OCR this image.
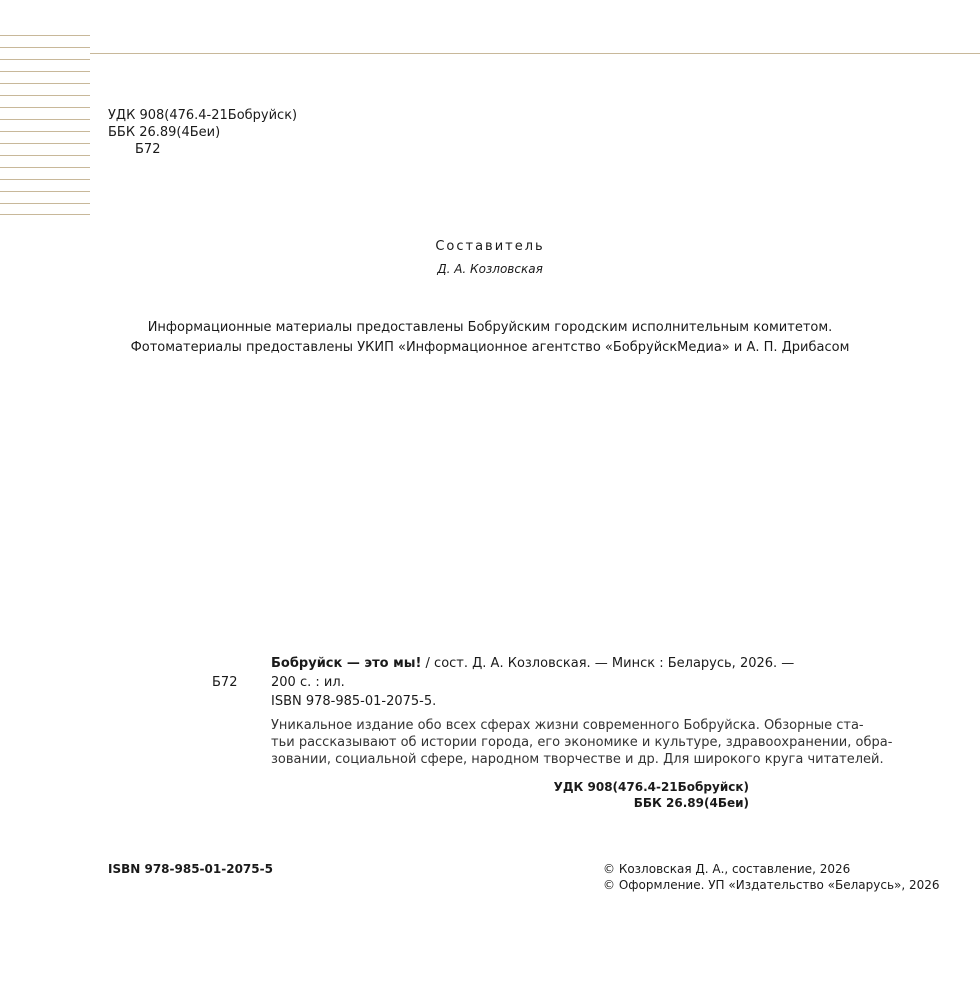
УДК 908(476.4-21Бобруйск)
ББК 26.89(4Беи)
Б72
Составитель
Д. А. Козловская
Информационные материалы предоставлены Бобруйским городским исполнительным комитетом.
Фотоматериалы предоставлены УКИП «Информационное агентство «БобруйскМедиа» и А. П. Дрибасом
Бобруйск — это мы! / сост. Д. А. Козловская. — Минск : Беларусь, 2026. —
Б72	200 с. : ил.
ISBN 978-985-01-2075-5.
Уникальное издание обо всех сферах жизни современного Бобруйска. Обзорные ста-
тьи рассказывают об истории города, его экономике и культуре, здравоохранении, обра-
зовании, социальной сфере, народном творчестве и др. Для широкого круга читателей.
УДК 908(476.4-21Бобруйск)
ББК 26.89(4Беи)
ISBN 978-985-01-2075-5	© Козловская Д. А., составление, 2026
© Оформление. УП «Издательство «Беларусь», 2026
